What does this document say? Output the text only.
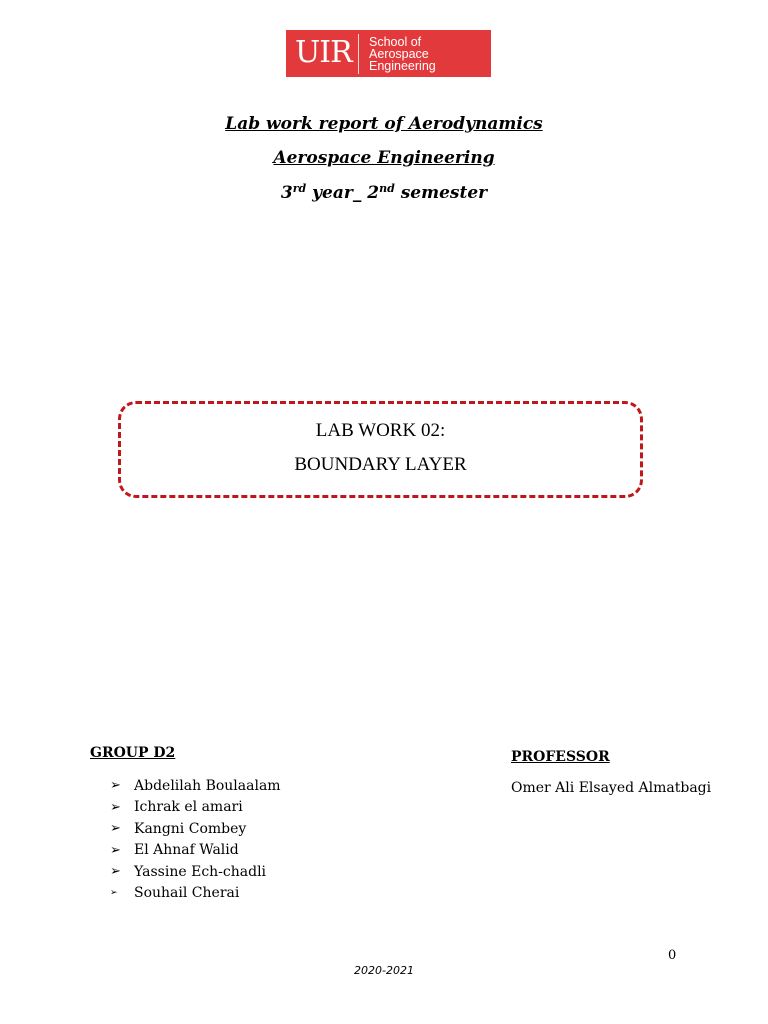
UIR School of
Aerospace
Engineering
Lab work report of Aerodynamics
Aerospace Engineering
3rd year_ 2nd semester
LAB WORK 02:
BOUNDARY LAYER
GROUP D2
➢ Abdelilah Boulaalam
➢ Ichrak el amari
➢ Kangni Combey
➢ El Ahnaf Walid
➢ Yassine Ech-chadli
➢	Souhail Cherai
PROFESSOR
Omer Ali Elsayed Almatbagi
0
2020-2021
